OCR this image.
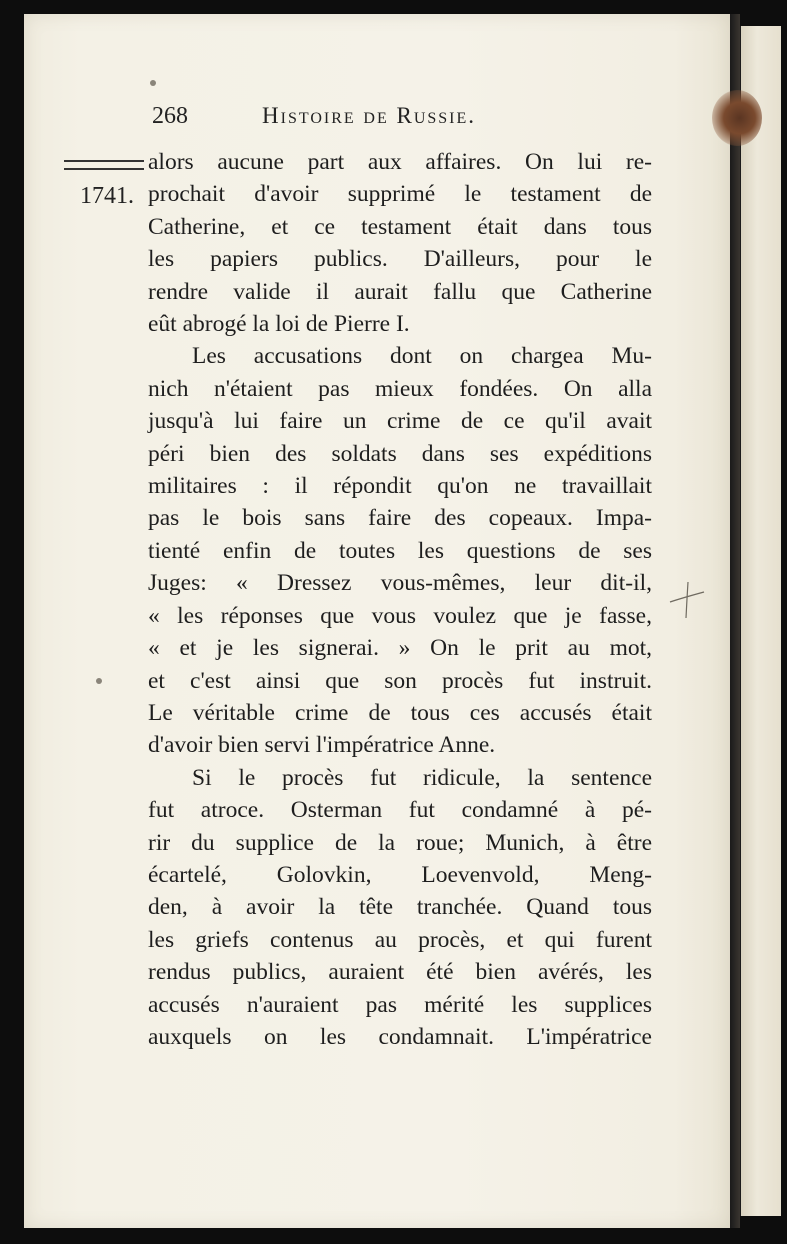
268	Histoire de Russie.
1741.
alors aucune part aux affaires. On lui re-
prochait d'avoir supprimé le testament de
Catherine, et ce testament était dans tous
les papiers publics. D'ailleurs, pour le
rendre valide il aurait fallu que Catherine
eût abrogé la loi de Pierre I.
Les accusations dont on chargea Mu-
nich n'étaient pas mieux fondées. On alla
jusqu'à lui faire un crime de ce qu'il avait
péri bien des soldats dans ses expéditions
militaires : il répondit qu'on ne travaillait
pas le bois sans faire des copeaux. Impa-
tienté enfin de toutes les questions de ses
Juges: « Dressez vous-mêmes, leur dit-il,
« les réponses que vous voulez que je fasse,
« et je les signerai. » On le prit au mot,
et c'est ainsi que son procès fut instruit.
Le véritable crime de tous ces accusés était
d'avoir bien servi l'impératrice Anne.
Si le procès fut ridicule, la sentence
fut atroce. Osterman fut condamné à pé-
rir du supplice de la roue; Munich, à être
écartelé, Golovkin, Loevenvold, Meng-
den, à avoir la tête tranchée. Quand tous
les griefs contenus au procès, et qui furent
rendus publics, auraient été bien avérés, les
accusés n'auraient pas mérité les supplices
auxquels on les condamnait. L'impératrice
